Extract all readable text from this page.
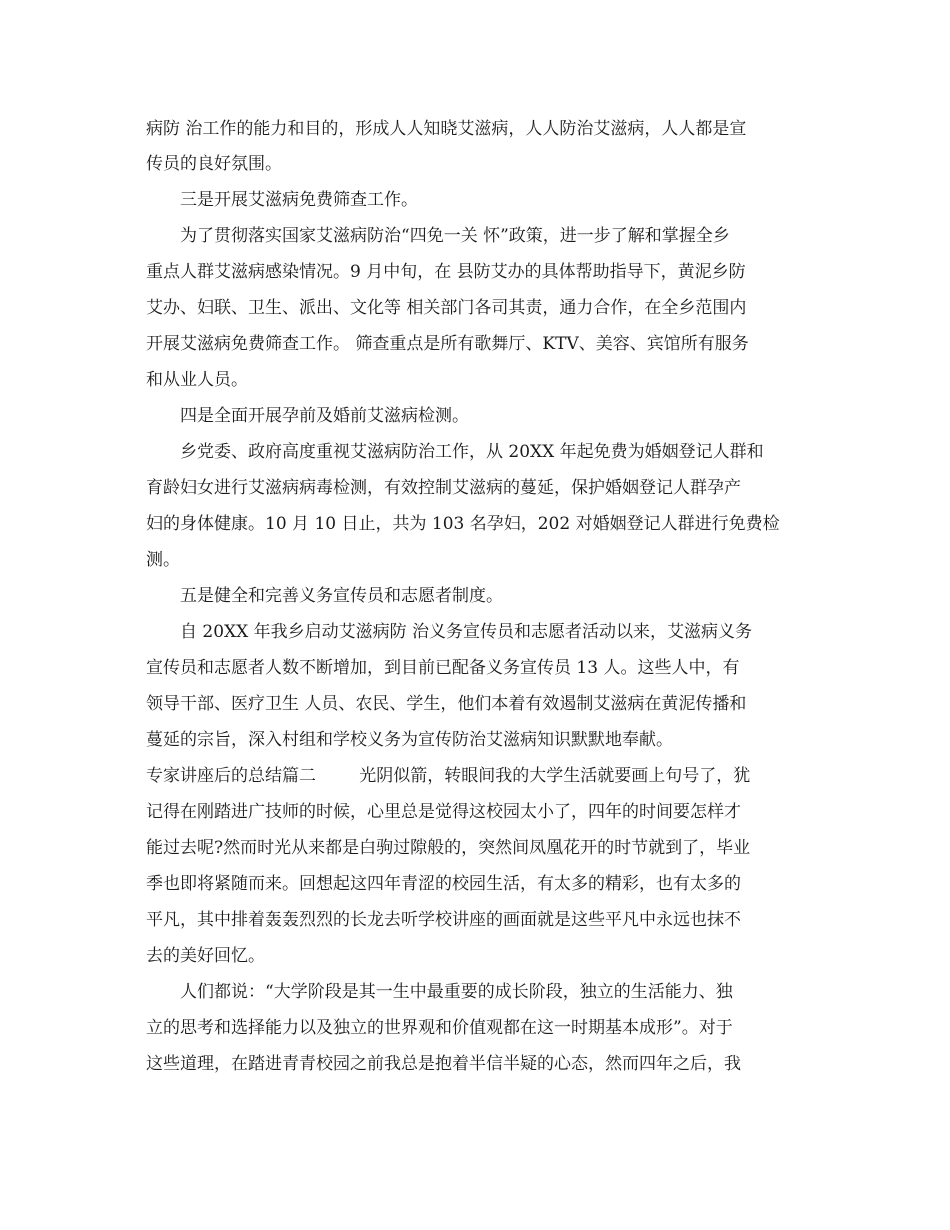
病防 治工作的能力和目的，形成人人知晓艾滋病，人人防治艾滋病，人人都是宣
传员的良好氛围。
三是开展艾滋病免费筛查工作。
为了贯彻落实国家艾滋病防治“四免一关 怀”政策，进一步了解和掌握全乡
重点人群艾滋病感染情况。9 月中旬，在 县防艾办的具体帮助指导下，黄泥乡防
艾办、妇联、卫生、派出、文化等 相关部门各司其责，通力合作，在全乡范围内
开展艾滋病免费筛查工作。 筛查重点是所有歌舞厅、KTV、美容、宾馆所有服务
和从业人员。
四是全面开展孕前及婚前艾滋病检测。
乡党委、政府高度重视艾滋病防治工作，从 20XX 年起免费为婚姻登记人群和
育龄妇女进行艾滋病病毒检测，有效控制艾滋病的蔓延，保护婚姻登记人群孕产
妇的身体健康。10 月 10 日止，共为 103 名孕妇，202 对婚姻登记人群进行免费检
测。
五是健全和完善义务宣传员和志愿者制度。
自 20XX 年我乡启动艾滋病防 治义务宣传员和志愿者活动以来，艾滋病义务
宣传员和志愿者人数不断增加，到目前已配备义务宣传员 13 人。这些人中，有
领导干部、医疗卫生 人员、农民、学生，他们本着有效遏制艾滋病在黄泥传播和
蔓延的宗旨，深入村组和学校义务为宣传防治艾滋病知识默默地奉献。
专家讲座后的总结篇二        光阴似箭，转眼间我的大学生活就要画上句号了，犹
记得在刚踏进广技师的时候，心里总是觉得这校园太小了，四年的时间要怎样才
能过去呢?然而时光从来都是白驹过隙般的，突然间凤凰花开的时节就到了，毕业
季也即将紧随而来。回想起这四年青涩的校园生活，有太多的精彩，也有太多的
平凡，其中排着轰轰烈烈的长龙去听学校讲座的画面就是这些平凡中永远也抹不
去的美好回忆。
人们都说：“大学阶段是其一生中最重要的成长阶段，独立的生活能力、独
立的思考和选择能力以及独立的世界观和价值观都在这一时期基本成形”。对于
这些道理，在踏进青青校园之前我总是抱着半信半疑的心态，然而四年之后，我
